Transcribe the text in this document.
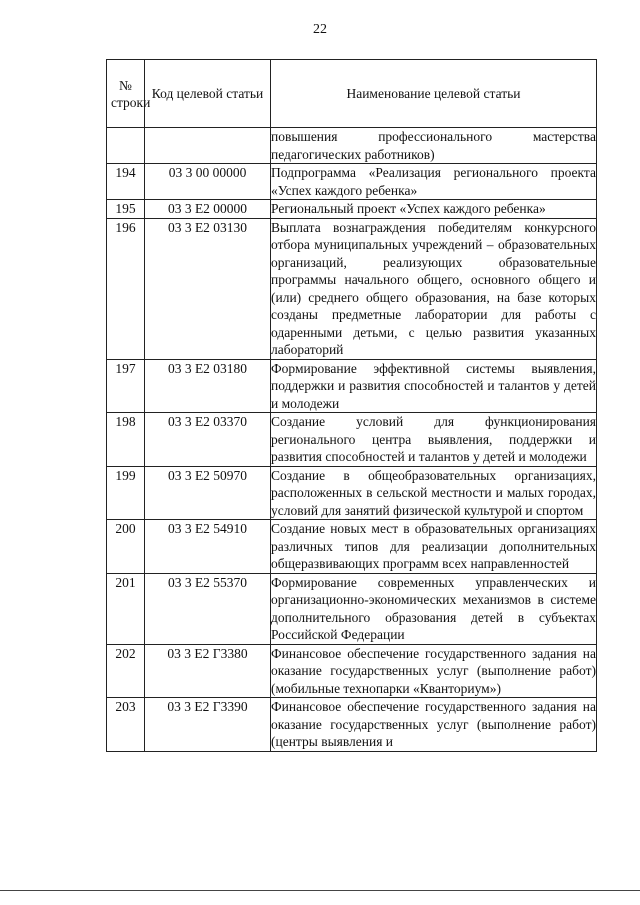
22
№ строки	Код целевой статьи	Наименование целевой статьи

		повышения профессионального мастерства педагогических работников)
194	03 3 00 00000	Подпрограмма «Реализация регионального проекта «Успех каждого ребенка»
195	03 3 Е2 00000	Региональный проект «Успех каждого ребенка»
196	03 3 Е2 03130	Выплата вознаграждения победителям конкурсного отбора муниципальных учреждений – образовательных организаций, реализующих образовательные программы начального общего, основного общего и (или) среднего общего образования, на базе которых созданы предметные лаборатории для работы с одаренными детьми, с целью развития указанных лабораторий
197	03 3 Е2 03180	Формирование эффективной системы выявления, поддержки и развития способностей и талантов у детей и молодежи
198	03 3 Е2 03370	Создание условий для функционирования регионального центра выявления, поддержки и развития способностей и талантов у детей и молодежи
199	03 3 Е2 50970	Создание в общеобразовательных организациях, расположенных в сельской местности и малых городах, условий для занятий физической культурой и спортом
200	03 3 Е2 54910	Создание новых мест в образовательных организациях различных типов для реализации дополнительных общеразвивающих программ всех направленностей
201	03 3 Е2 55370	Формирование современных управленческих и организационно-экономических механизмов в системе дополнительного образования детей в субъектах Российской Федерации
202	03 3 Е2 Г3380	Финансовое обеспечение государственного задания на оказание государственных услуг (выполнение работ) (мобильные технопарки «Кванториум»)
203	03 3 Е2 Г3390	Финансовое обеспечение государственного задания на оказание государственных услуг (выполнение работ) (центры выявления и
